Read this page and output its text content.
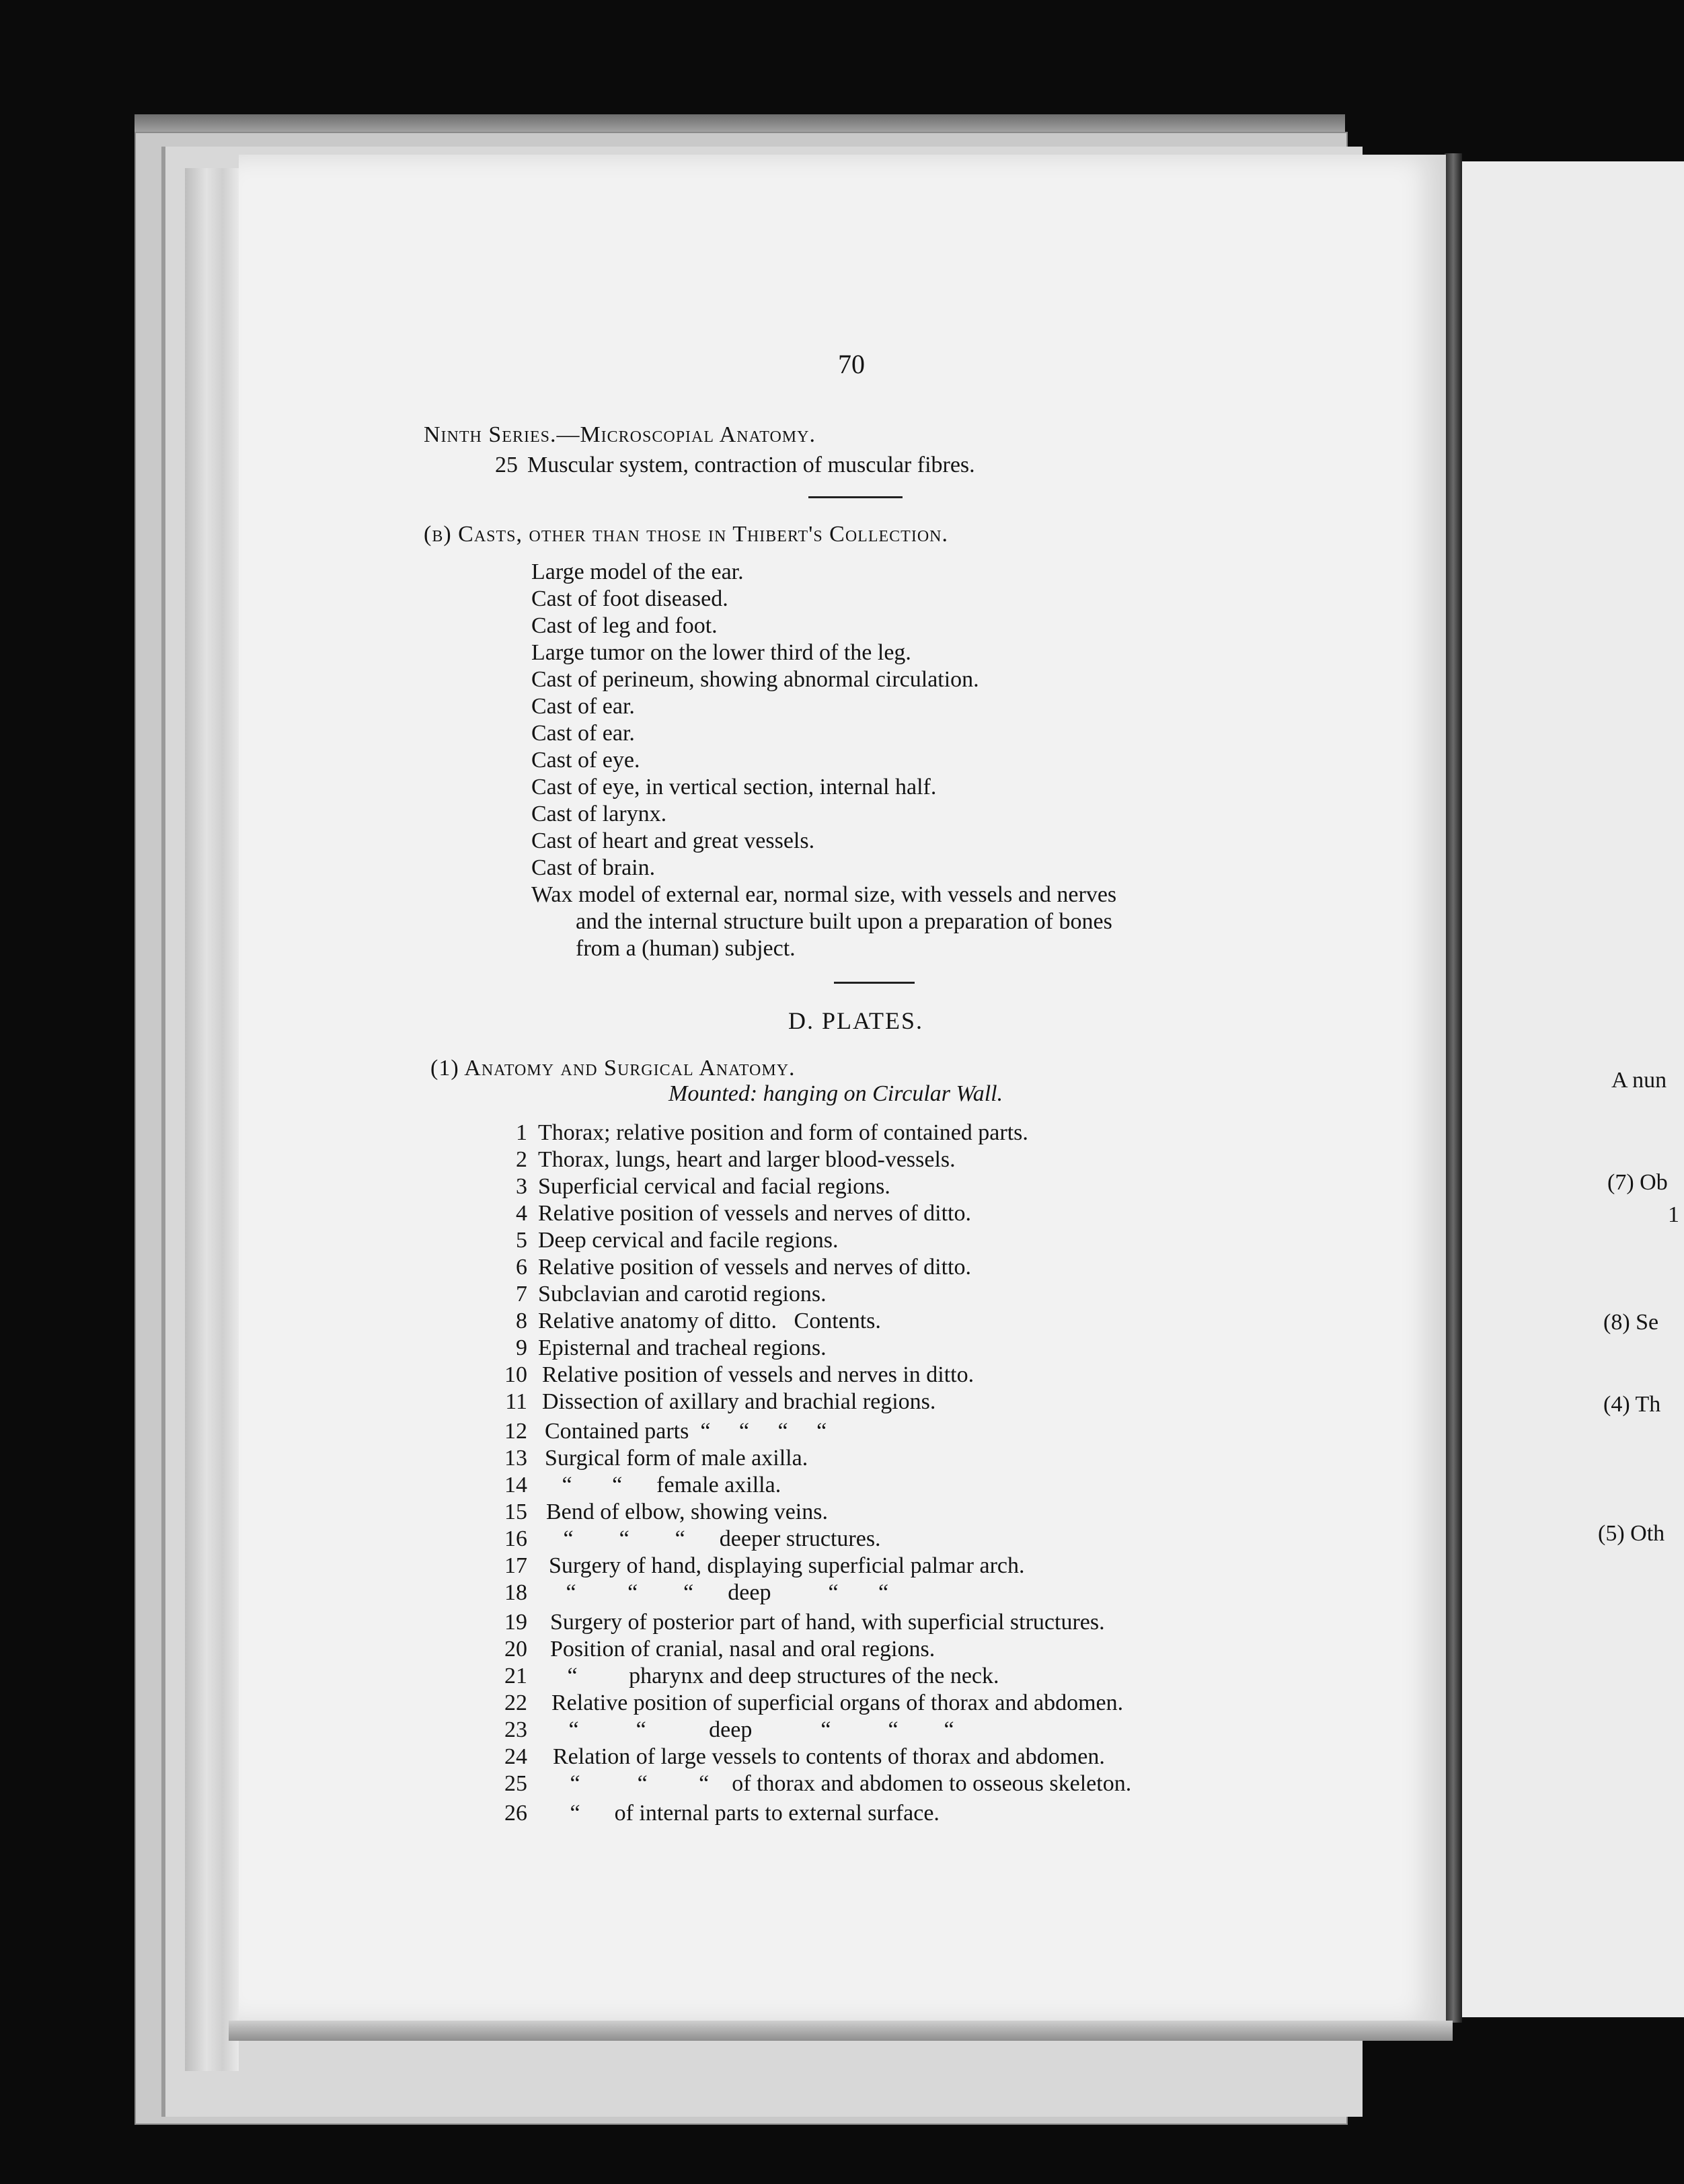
70
Ninth Series.—Microscopial Anatomy.
25 Muscular system, contraction of muscular fibres.
(b) Casts, other than those in Thibert's Collection.
Large model of the ear.
Cast of foot diseased.
Cast of leg and foot.
Large tumor on the lower third of the leg.
Cast of perineum, showing abnormal circulation.
Cast of ear.
Cast of ear.
Cast of eye.
Cast of eye, in vertical section, internal half.
Cast of larynx.
Cast of heart and great vessels.
Cast of brain.
Wax model of external ear, normal size, with vessels and nerves
and the internal structure built upon a preparation of bones
from a (human) subject.
D. PLATES.
(1) Anatomy and Surgical Anatomy.
Mounted: hanging on Circular Wall.
1 Thorax; relative position and form of contained parts.
2 Thorax, lungs, heart and larger blood-vessels.
3 Superficial cervical and facial regions.
4 Relative position of vessels and nerves of ditto.
5 Deep cervical and facile regions.
6 Relative position of vessels and nerves of ditto.
7 Subclavian and carotid regions.
8 Relative anatomy of ditto.   Contents.
9 Episternal and tracheal regions.
10 Relative position of vessels and nerves in ditto.
11 Dissection of axillary and brachial regions.
12 Contained parts  “     “     “     “
13 Surgical form of male axilla.
14 “       “      female axilla.
15 Bend of elbow, showing veins.
16 “        “        “      deeper structures.
17 Surgery of hand, displaying superficial palmar arch.
18 “         “        “      deep          “       “
19 Surgery of posterior part of hand, with superficial structures.
20 Position of cranial, nasal and oral regions.
21 “         pharynx and deep structures of the neck.
22 Relative position of superficial organs of thorax and abdomen.
23 “          “           deep            “          “        “
24 Relation of large vessels to contents of thorax and abdomen.
25 “          “         “    of thorax and abdomen to osseous skeleton.
26 “      of internal parts to external surface.
A nun
(7) Ob
1
(8) Se
(4) Th
(5) Oth
